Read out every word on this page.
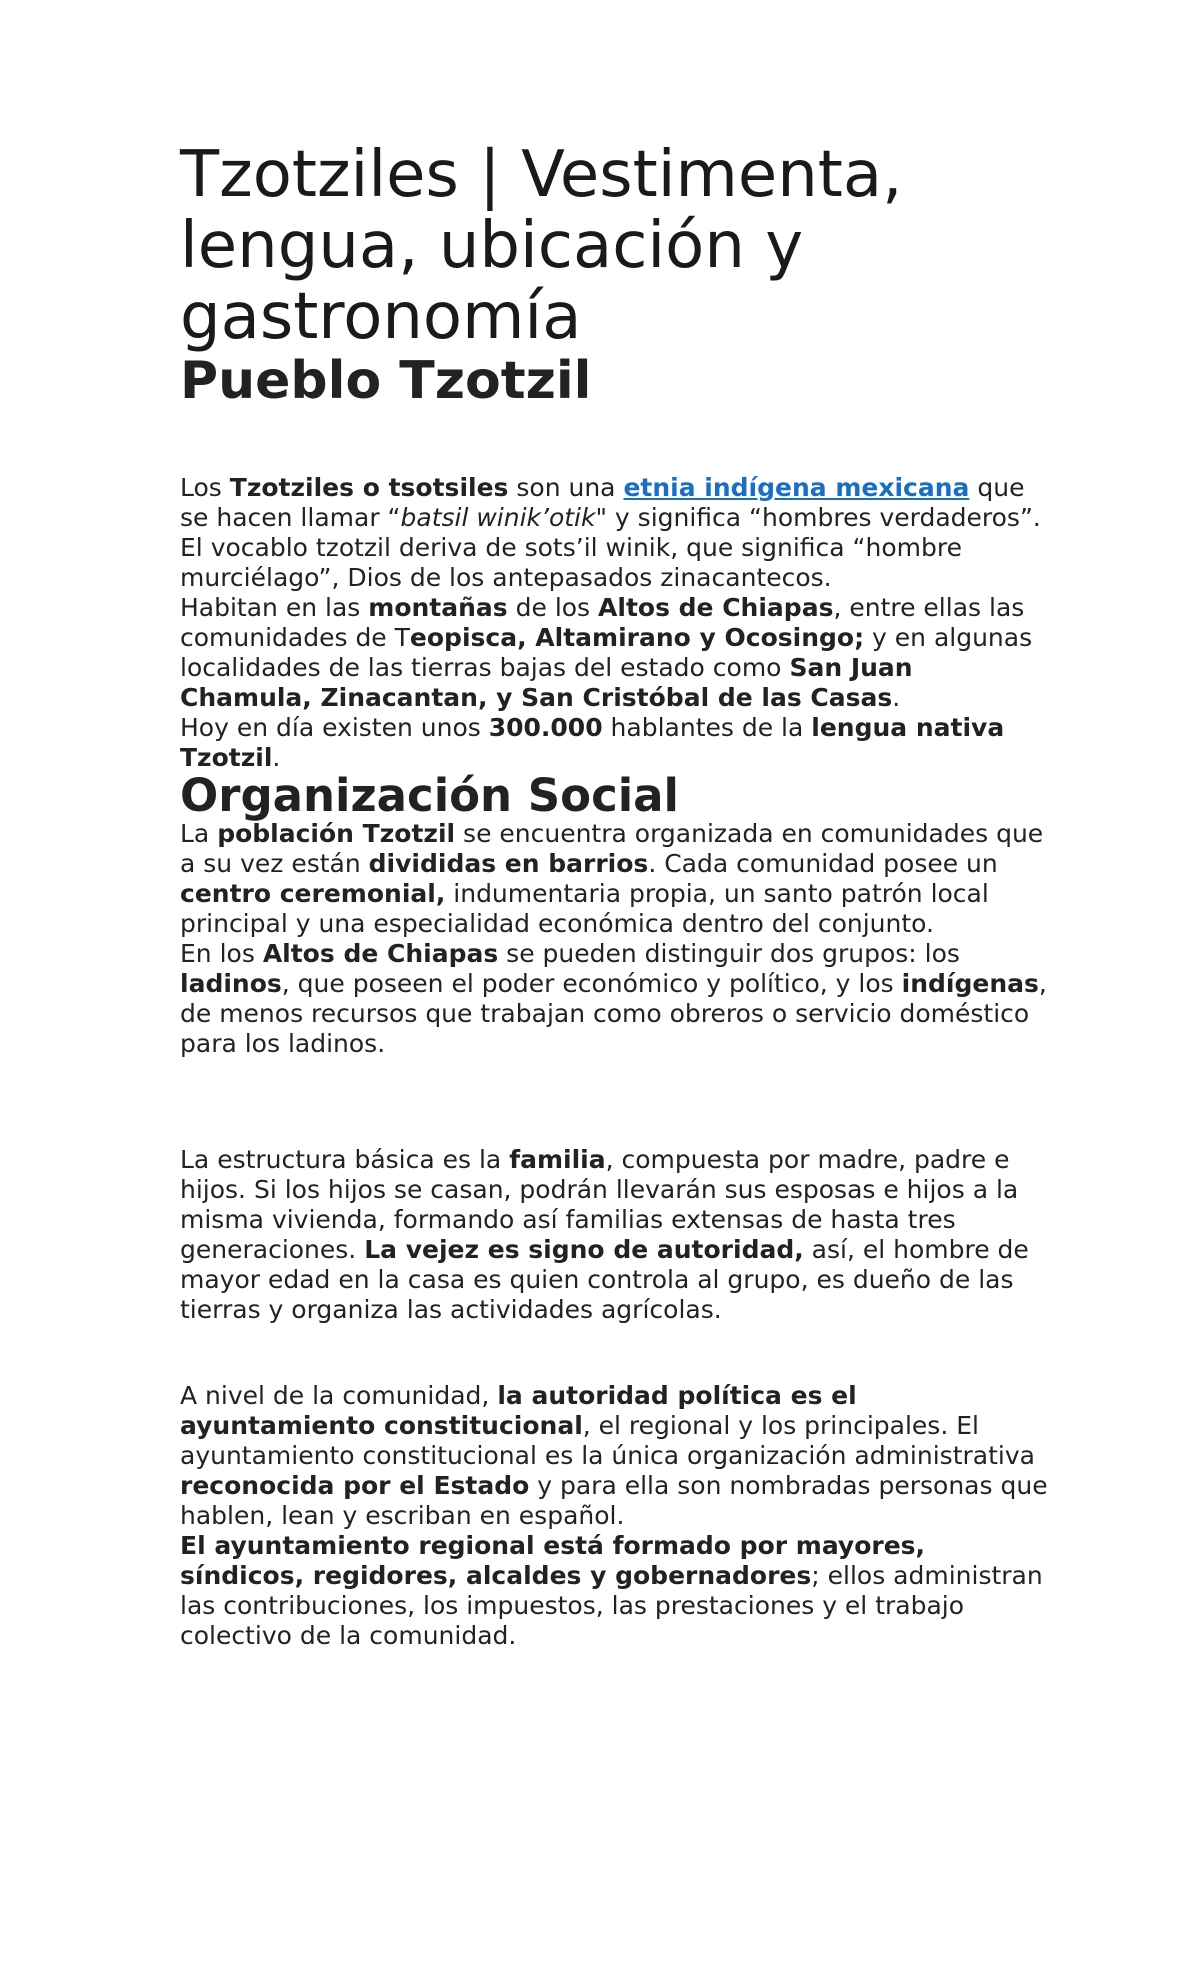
Tzotziles | Vestimenta, lengua, ubicación y gastronomía
Pueblo Tzotzil

Los Tzotziles o tsotsiles son una etnia indígena mexicana que se hacen llamar “batsil winik’otik" y significa “hombres verdaderos”. El vocablo tzotzil deriva de sots’il winik, que significa “hombre murciélago”, Dios de los antepasados zinacantecos.

Habitan en las montañas de los Altos de Chiapas, entre ellas las comunidades de Teopisca, Altamirano y Ocosingo; y en algunas localidades de las tierras bajas del estado como San Juan Chamula, Zinacantan, y San Cristóbal de las Casas.

Hoy en día existen unos 300.000 hablantes de la lengua nativa Tzotzil.

Organización Social

La población Tzotzil se encuentra organizada en comunidades que a su vez están divididas en barrios. Cada comunidad posee un centro ceremonial, indumentaria propia, un santo patrón local principal y una especialidad económica dentro del conjunto.

En los Altos de Chiapas se pueden distinguir dos grupos: los ladinos, que poseen el poder económico y político, y los indígenas, de menos recursos que trabajan como obreros o servicio doméstico para los ladinos.

La estructura básica es la familia, compuesta por madre, padre e hijos. Si los hijos se casan, podrán llevarán sus esposas e hijos a la misma vivienda, formando así familias extensas de hasta tres generaciones. La vejez es signo de autoridad, así, el hombre de mayor edad en la casa es quien controla al grupo, es dueño de las tierras y organiza las actividades agrícolas.

A nivel de la comunidad, la autoridad política es el ayuntamiento constitucional, el regional y los principales. El ayuntamiento constitucional es la única organización administrativa reconocida por el Estado y para ella son nombradas personas que hablen, lean y escriban en español.

El ayuntamiento regional está formado por mayores, síndicos, regidores, alcaldes y gobernadores; ellos administran las contribuciones, los impuestos, las prestaciones y el trabajo colectivo de la comunidad.
